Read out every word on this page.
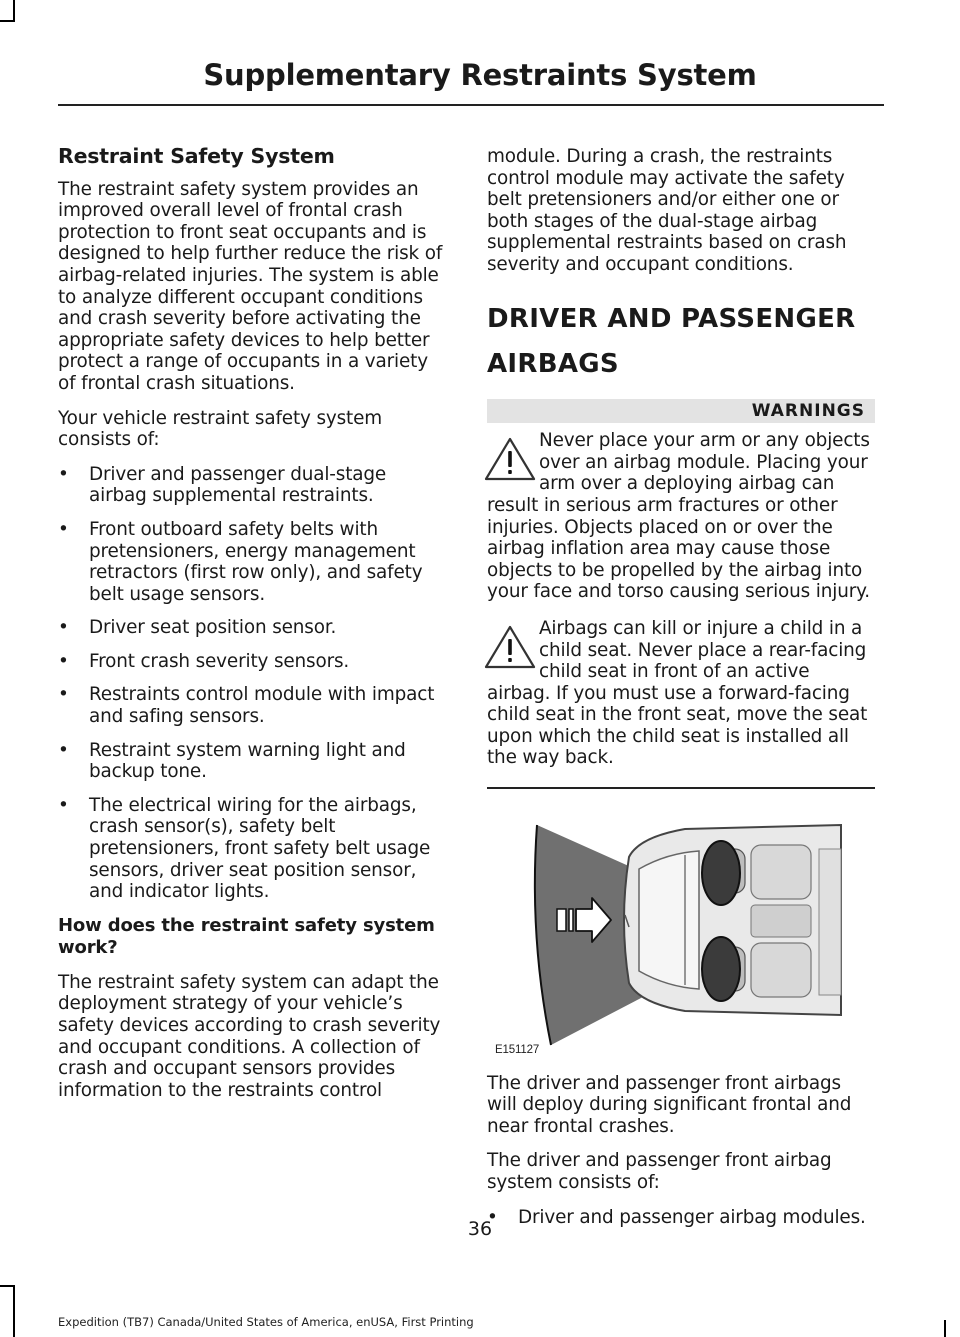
Supplementary Restraints System
Restraint Safety System

The restraint safety system provides an improved overall level of frontal crash protection to front seat occupants and is designed to help further reduce the risk of airbag-related injuries. The system is able to analyze different occupant conditions and crash severity before activating the appropriate safety devices to help better protect a range of occupants in a variety of frontal crash situations.

Your vehicle restraint safety system consists of:

• Driver and passenger dual-stage airbag supplemental restraints.
• Front outboard safety belts with pretensioners, energy management retractors (first row only), and safety belt usage sensors.
• Driver seat position sensor.
• Front crash severity sensors.
• Restraints control module with impact and safing sensors.
• Restraint system warning light and backup tone.
• The electrical wiring for the airbags, crash sensor(s), safety belt pretensioners, front safety belt usage sensors, driver seat position sensor, and indicator lights.
How does the restraint safety system work?

The restraint safety system can adapt the deployment strategy of your vehicle’s safety devices according to crash severity and occupant conditions. A collection of crash and occupant sensors provides information to the restraints control

module. During a crash, the restraints control module may activate the safety belt pretensioners and/or either one or both stages of the dual-stage airbag supplemental restraints based on crash severity and occupant conditions.

DRIVER AND PASSENGER
AIRBAGS
WARNINGS
Never place your arm or any objects over an airbag module. Placing your arm over a deploying airbag can result in serious arm fractures or other injuries. Objects placed on or over the airbag inflation area may cause those objects to be propelled by the airbag into your face and torso causing serious injury.
Airbags can kill or injure a child in a child seat. Never place a rear-facing child seat in front of an active airbag. If you must use a forward-facing child seat in the front seat, move the seat upon which the child seat is installed all the way back.
E151127

The driver and passenger front airbags will deploy during significant frontal and near frontal crashes.

The driver and passenger front airbag system consists of:

• Driver and passenger airbag modules.
36
Expedition (TB7) Canada/United States of America, enUSA, First Printing
